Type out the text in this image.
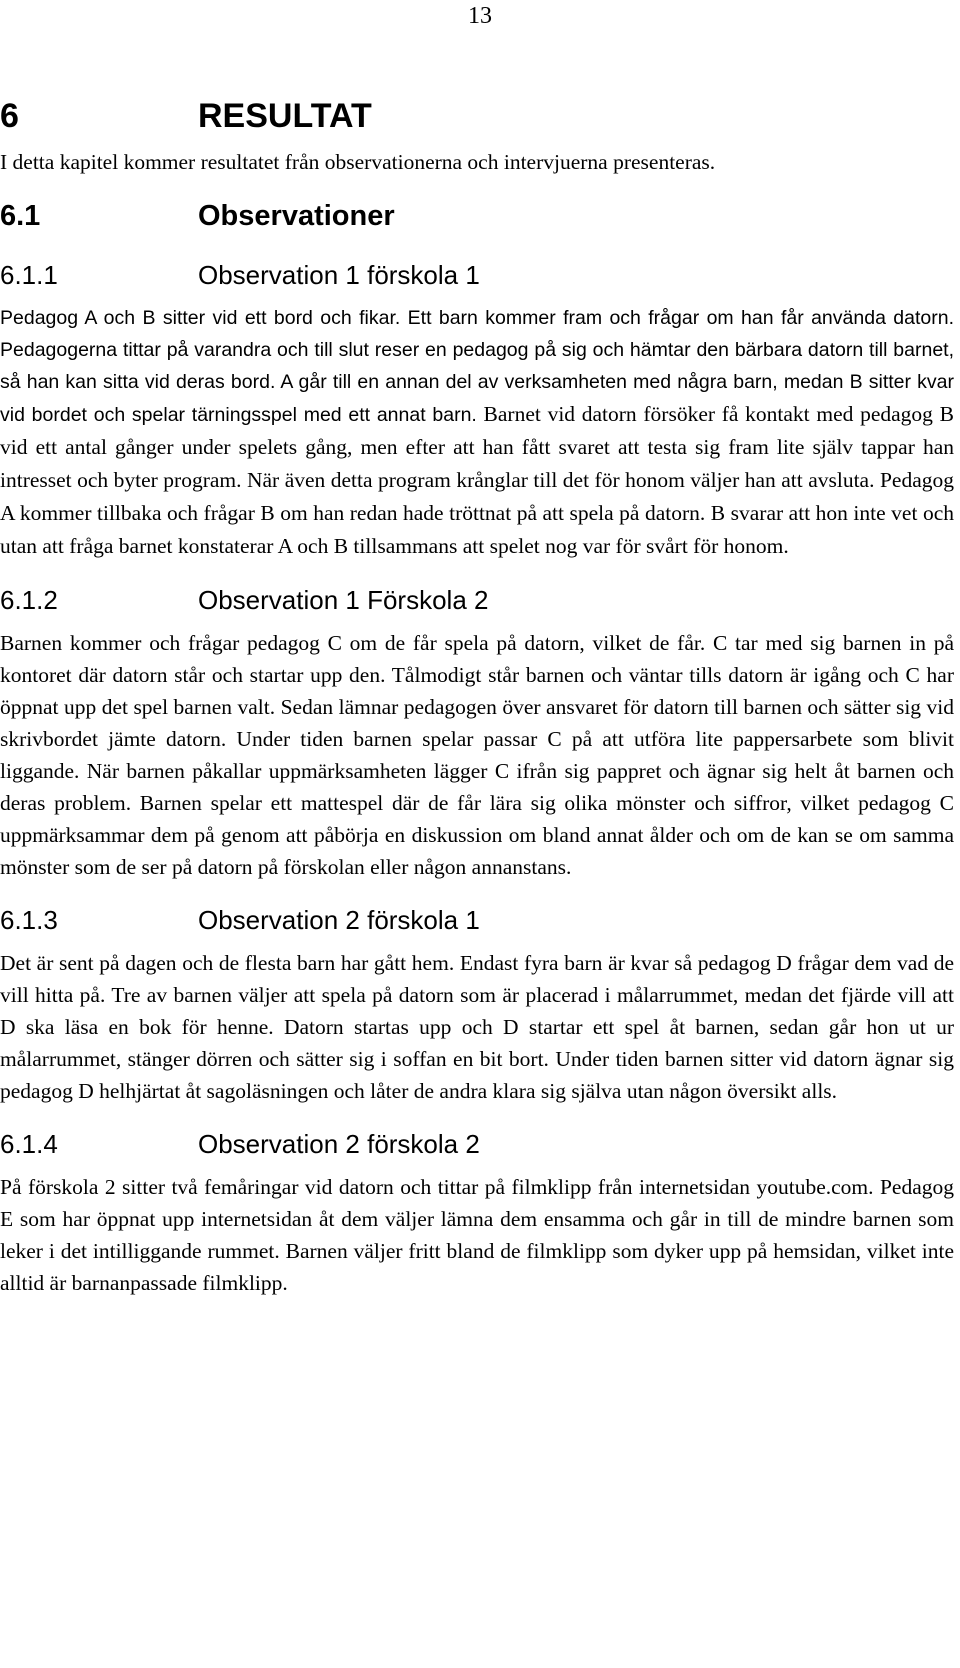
13
6	RESULTAT

I detta kapitel kommer resultatet från observationerna och intervjuerna presenteras.

6.1	Observationer
6.1.1	Observation 1 förskola 1

Pedagog A och B sitter vid ett bord och fikar. Ett barn kommer fram och frågar om han får använda datorn. Pedagogerna tittar på varandra och till slut reser en pedagog på sig och hämtar den bärbara datorn till barnet, så han kan sitta vid deras bord. A går till en annan del av verksamheten med några barn, medan B sitter kvar vid bordet och spelar tärningsspel med ett annat barn. Barnet vid datorn försöker få kontakt med pedagog B vid ett antal gånger under spelets gång, men efter att han fått svaret att testa sig fram lite själv tappar han intresset och byter program. När även detta program krånglar till det för honom väljer han att avsluta. Pedagog A kommer tillbaka och frågar B om han redan hade tröttnat på att spela på datorn. B svarar att hon inte vet och utan att fråga barnet konstaterar A och B tillsammans att spelet nog var för svårt för honom.

6.1.2	Observation 1 Förskola 2

Barnen kommer och frågar pedagog C om de får spela på datorn, vilket de får. C tar med sig barnen in på kontoret där datorn står och startar upp den. Tålmodigt står barnen och väntar tills datorn är igång och C har öppnat upp det spel barnen valt. Sedan lämnar pedagogen över ansvaret för datorn till barnen och sätter sig vid skrivbordet jämte datorn. Under tiden barnen spelar passar C på att utföra lite pappersarbete som blivit liggande. När barnen påkallar uppmärksamheten lägger C ifrån sig pappret och ägnar sig helt åt barnen och deras problem. Barnen spelar ett mattespel där de får lära sig olika mönster och siffror, vilket pedagog C uppmärksammar dem på genom att påbörja en diskussion om bland annat ålder och om de kan se om samma mönster som de ser på datorn på förskolan eller någon annanstans.

6.1.3	Observation 2 förskola 1

Det är sent på dagen och de flesta barn har gått hem. Endast fyra barn är kvar så pedagog D frågar dem vad de vill hitta på. Tre av barnen väljer att spela på datorn som är placerad i målarrummet, medan det fjärde vill att D ska läsa en bok för henne. Datorn startas upp och D startar ett spel åt barnen, sedan går hon ut ur målarrummet, stänger dörren och sätter sig i soffan en bit bort. Under tiden barnen sitter vid datorn ägnar sig pedagog D helhjärtat åt sagoläsningen och låter de andra klara sig själva utan någon översikt alls.

6.1.4	Observation 2 förskola 2

På förskola 2 sitter två femåringar vid datorn och tittar på filmklipp från internetsidan youtube.com. Pedagog E som har öppnat upp internetsidan åt dem väljer lämna dem ensamma och går in till de mindre barnen som leker i det intilliggande rummet. Barnen väljer fritt bland de filmklipp som dyker upp på hemsidan, vilket inte alltid är barnanpassade filmklipp.
